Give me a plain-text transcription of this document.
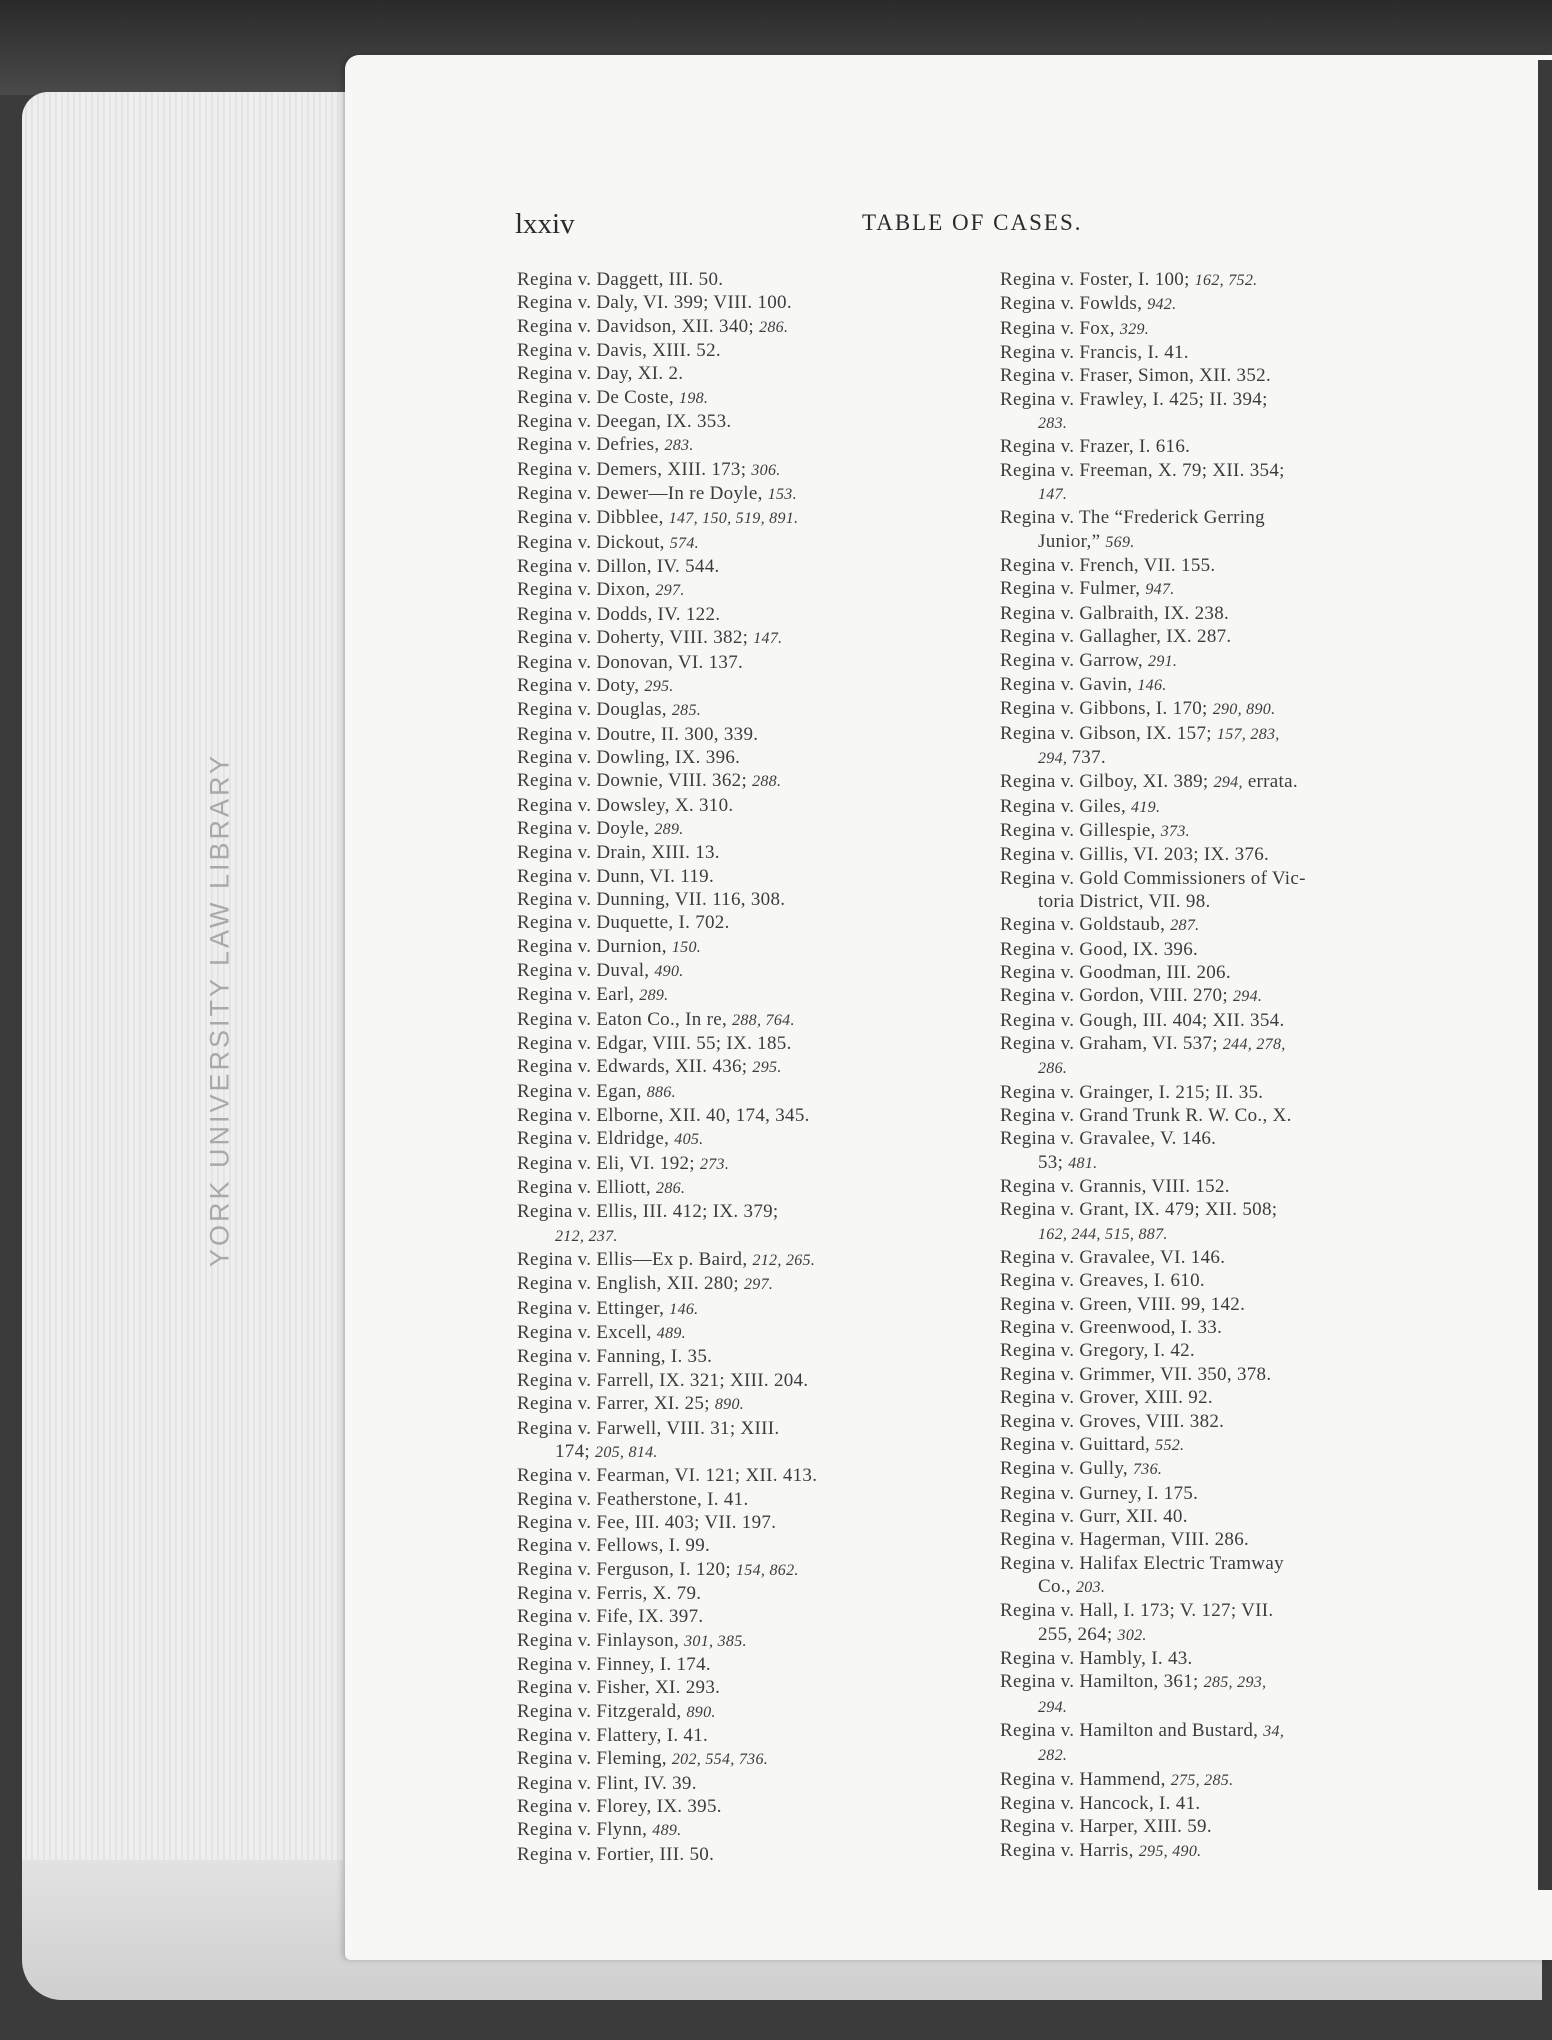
YORK UNIVERSITY LAW LIBRARY
lxxiv	TABLE OF CASES.
Regina v. Daggett, III. 50.
Regina v. Daly, VI. 399; VIII. 100.
Regina v. Davidson, XII. 340; 286.
Regina v. Davis, XIII. 52.
Regina v. Day, XI. 2.
Regina v. De Coste, 198.
Regina v. Deegan, IX. 353.
Regina v. Defries, 283.
Regina v. Demers, XIII. 173; 306.
Regina v. Dewer—In re Doyle, 153.
Regina v. Dibblee, 147, 150, 519, 891.
Regina v. Dickout, 574.
Regina v. Dillon, IV. 544.
Regina v. Dixon, 297.
Regina v. Dodds, IV. 122.
Regina v. Doherty, VIII. 382; 147.
Regina v. Donovan, VI. 137.
Regina v. Doty, 295.
Regina v. Douglas, 285.
Regina v. Doutre, II. 300, 339.
Regina v. Dowling, IX. 396.
Regina v. Downie, VIII. 362; 288.
Regina v. Dowsley, X. 310.
Regina v. Doyle, 289.
Regina v. Drain, XIII. 13.
Regina v. Dunn, VI. 119.
Regina v. Dunning, VII. 116, 308.
Regina v. Duquette, I. 702.
Regina v. Durnion, 150.
Regina v. Duval, 490.
Regina v. Earl, 289.
Regina v. Eaton Co., In re, 288, 764.
Regina v. Edgar, VIII. 55; IX. 185.
Regina v. Edwards, XII. 436; 295.
Regina v. Egan, 886.
Regina v. Elborne, XII. 40, 174, 345.
Regina v. Eldridge, 405.
Regina v. Eli, VI. 192; 273.
Regina v. Elliott, 286.
Regina v. Ellis, III. 412; IX. 379;
212, 237.
Regina v. Ellis—Ex p. Baird, 212, 265.
Regina v. English, XII. 280; 297.
Regina v. Ettinger, 146.
Regina v. Excell, 489.
Regina v. Fanning, I. 35.
Regina v. Farrell, IX. 321; XIII. 204.
Regina v. Farrer, XI. 25; 890.
Regina v. Farwell, VIII. 31; XIII.
174; 205, 814.
Regina v. Fearman, VI. 121; XII. 413.
Regina v. Featherstone, I. 41.
Regina v. Fee, III. 403; VII. 197.
Regina v. Fellows, I. 99.
Regina v. Ferguson, I. 120; 154, 862.
Regina v. Ferris, X. 79.
Regina v. Fife, IX. 397.
Regina v. Finlayson, 301, 385.
Regina v. Finney, I. 174.
Regina v. Fisher, XI. 293.
Regina v. Fitzgerald, 890.
Regina v. Flattery, I. 41.
Regina v. Fleming, 202, 554, 736.
Regina v. Flint, IV. 39.
Regina v. Florey, IX. 395.
Regina v. Flynn, 489.
Regina v. Fortier, III. 50.
Regina v. Foster, I. 100; 162, 752.
Regina v. Fowlds, 942.
Regina v. Fox, 329.
Regina v. Francis, I. 41.
Regina v. Fraser, Simon, XII. 352.
Regina v. Frawley, I. 425; II. 394;
283.
Regina v. Frazer, I. 616.
Regina v. Freeman, X. 79; XII. 354;
147.
Regina v. The “Frederick Gerring
Junior,” 569.
Regina v. French, VII. 155.
Regina v. Fulmer, 947.
Regina v. Galbraith, IX. 238.
Regina v. Gallagher, IX. 287.
Regina v. Garrow, 291.
Regina v. Gavin, 146.
Regina v. Gibbons, I. 170; 290, 890.
Regina v. Gibson, IX. 157; 157, 283,
294, 737.
Regina v. Gilboy, XI. 389; 294, errata.
Regina v. Giles, 419.
Regina v. Gillespie, 373.
Regina v. Gillis, VI. 203; IX. 376.
Regina v. Gold Commissioners of Vic-
toria District, VII. 98.
Regina v. Goldstaub, 287.
Regina v. Good, IX. 396.
Regina v. Goodman, III. 206.
Regina v. Gordon, VIII. 270; 294.
Regina v. Gough, III. 404; XII. 354.
Regina v. Graham, VI. 537; 244, 278,
286.
Regina v. Grainger, I. 215; II. 35.
Regina v. Grand Trunk R. W. Co., X.
Regina v. Gravalee, V. 146.
53; 481.
Regina v. Grannis, VIII. 152.
Regina v. Grant, IX. 479; XII. 508;
162, 244, 515, 887.
Regina v. Gravalee, VI. 146.
Regina v. Greaves, I. 610.
Regina v. Green, VIII. 99, 142.
Regina v. Greenwood, I. 33.
Regina v. Gregory, I. 42.
Regina v. Grimmer, VII. 350, 378.
Regina v. Grover, XIII. 92.
Regina v. Groves, VIII. 382.
Regina v. Guittard, 552.
Regina v. Gully, 736.
Regina v. Gurney, I. 175.
Regina v. Gurr, XII. 40.
Regina v. Hagerman, VIII. 286.
Regina v. Halifax Electric Tramway
Co., 203.
Regina v. Hall, I. 173; V. 127; VII.
255, 264; 302.
Regina v. Hambly, I. 43.
Regina v. Hamilton, 361; 285, 293,
294.
Regina v. Hamilton and Bustard, 34,
282.
Regina v. Hammend, 275, 285.
Regina v. Hancock, I. 41.
Regina v. Harper, XIII. 59.
Regina v. Harris, 295, 490.
